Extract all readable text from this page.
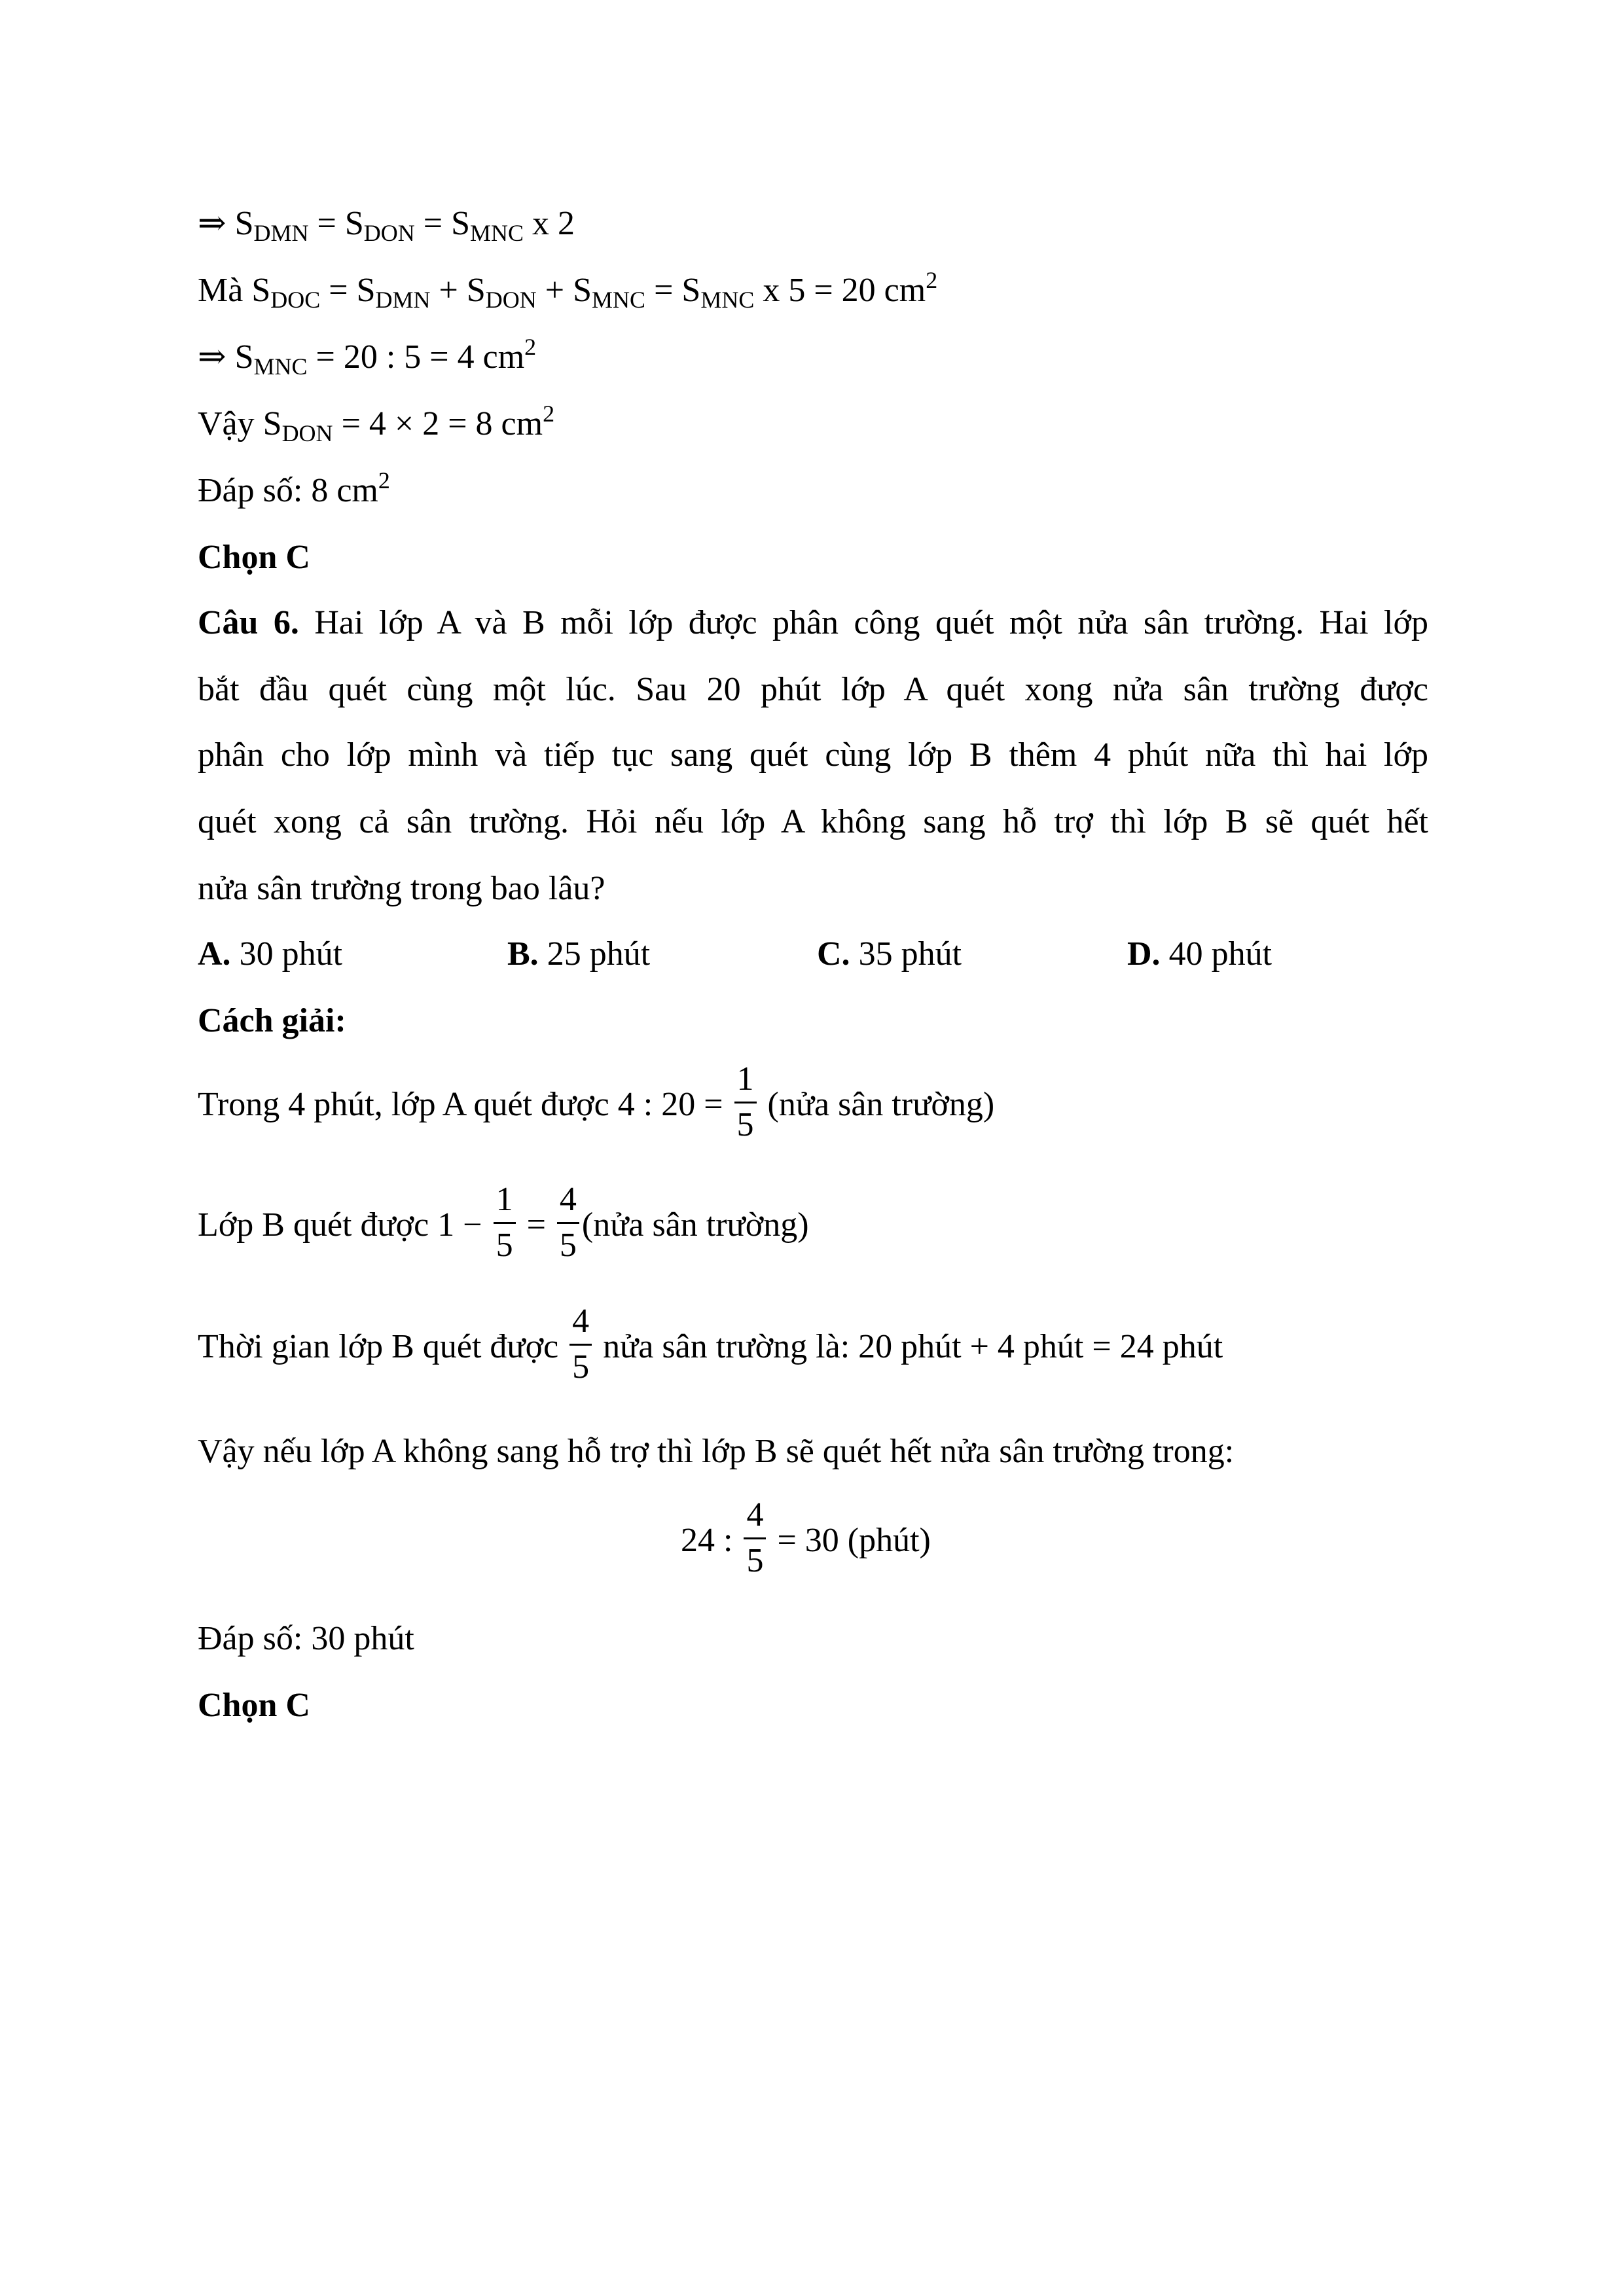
⇒ $S_{DMN} = S_{DON} = S_{MNC}$ x 2
Mà $S_{DOC} = S_{DMN} + S_{DON} + S_{MNC} = S_{MNC}$ x 5 = 20 $cm^2$
⇒ $S_{MNC} = 20$ : 5 = 4 $cm^2$
Vậy $S_{DON} = 4 \times 2 = 8$ $cm^2$
Đáp số: 8 $cm^2$
Chọn C
Câu 6. Hai lớp A và B mỗi lớp được phân công quét một nửa sân trường. Hai lớp
bắt đầu quét cùng một lúc. Sau 20 phút lớp A quét xong nửa sân trường được
phân cho lớp mình và tiếp tục sang quét cùng lớp B thêm 4 phút nữa thì hai lớp
quét xong cả sân trường. Hỏi nếu lớp A không sang hỗ trợ thì lớp B sẽ quét hết
nửa sân trường trong bao lâu?
A. 30 phút	B. 25 phút	C. 35 phút	D. 40 phút
Cách giải:
Trong 4 phút, lớp A quét được 4 : $20 = \frac{1}{5}$ (nửa sân trường)
Lớp B quét được $1 - \frac{1}{5} = \frac{4}{5}$ (nửa sân trường)
Thời gian lớp B quét được $\frac{4}{5}$ nửa sân trường là: 20 phút + 4 phút = 24 phút
Vậy nếu lớp A không sang hỗ trợ thì lớp B sẽ quét hết nửa sân trường trong:
24 : $\frac{4}{5} = 30$ (phút)
Đáp số: 30 phút
Chọn C
